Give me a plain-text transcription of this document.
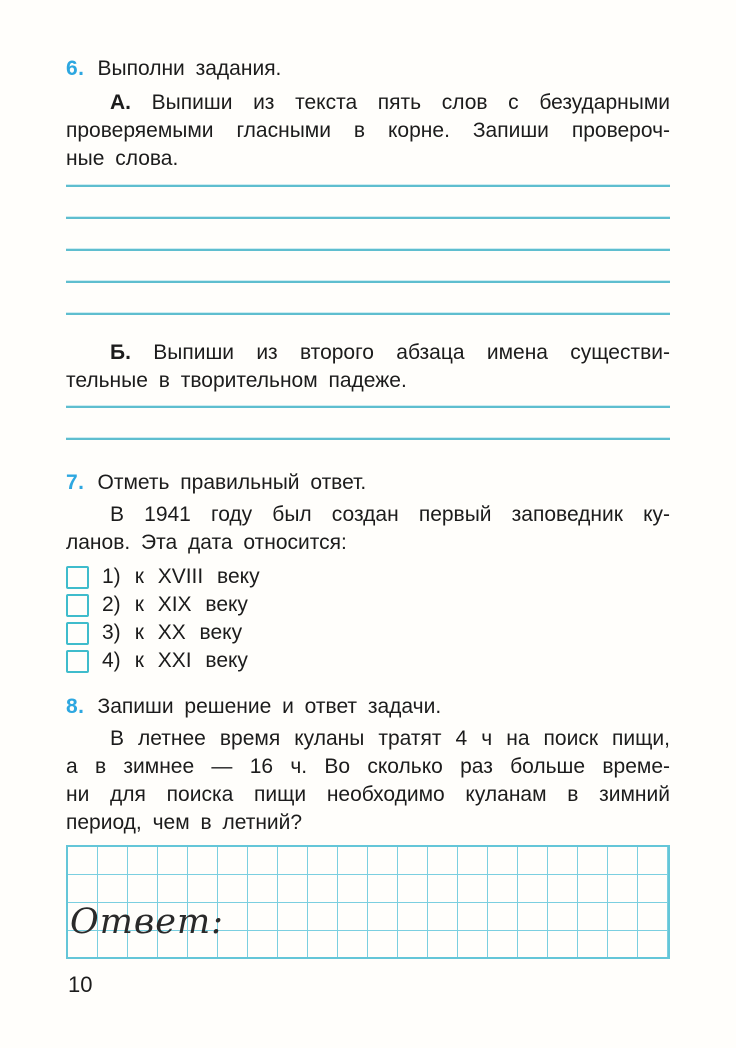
6. Выполни задания.
А. Выпиши из текста пять слов с безударными
проверяемыми гласными в корне. Запиши провероч-
ные слова.
Б. Выпиши из второго абзаца имена существи-
тельные в творительном падеже.
7. Отметь правильный ответ.
В 1941 году был создан первый заповедник ку-
ланов. Эта дата относится:
1) к XVIII веку
2) к XIX веку
3) к XX веку
4) к XXI веку
8. Запиши решение и ответ задачи.
В летнее время куланы тратят 4 ч на поиск пищи,
а в зимнее — 16 ч. Во сколько раз больше време-
ни для поиска пищи необходимо куланам в зимний
период, чем в летний?
Ответ:
10
